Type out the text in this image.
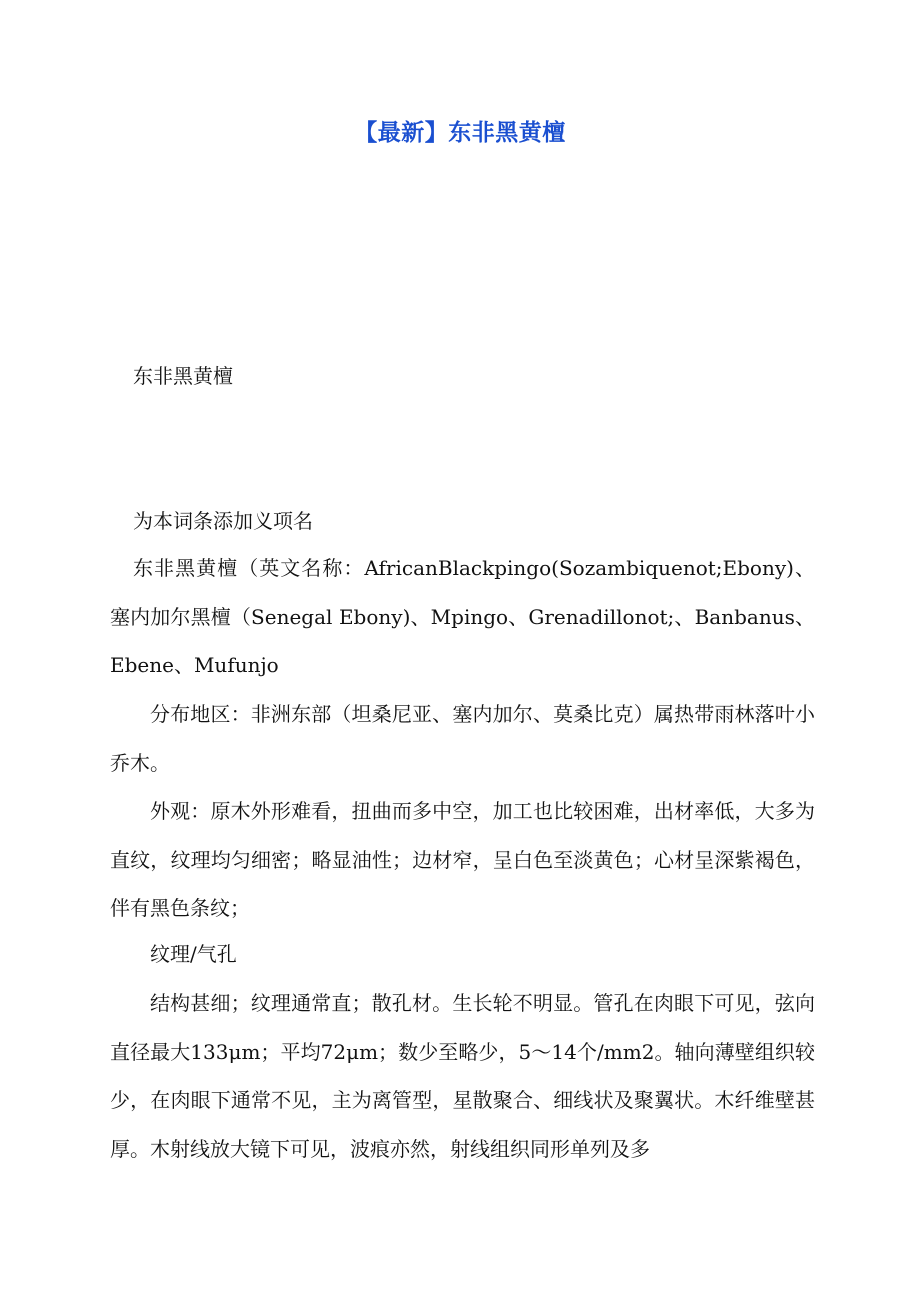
【最新】东非黑黄檀
东非黑黄檀
为本词条添加义项名
东非黑黄檀（英文名称：AfricanBlackpingo(Sozambiquenot;Ebony)、塞内加尔黑檀（Senegal Ebony)、Mpingo、Grenadillonot;、Banbanus、Ebene、Mufunjo
分布地区：非洲东部（坦桑尼亚、塞内加尔、莫桑比克）属热带雨林落叶小乔木。
外观：原木外形难看，扭曲而多中空，加工也比较困难，出材率低，大多为直纹，纹理均匀细密；略显油性；边材窄，呈白色至淡黄色；心材呈深紫褐色，伴有黑色条纹；
纹理/气孔
结构甚细；纹理通常直；散孔材。生长轮不明显。管孔在肉眼下可见，弦向直径最大133μm；平均72μm；数少至略少，5～14个/mm2。轴向薄壁组织较少，在肉眼下通常不见，主为离管型，星散聚合、细线状及聚翼状。木纤维壁甚厚。木射线放大镜下可见，波痕亦然，射线组织同形单列及多
